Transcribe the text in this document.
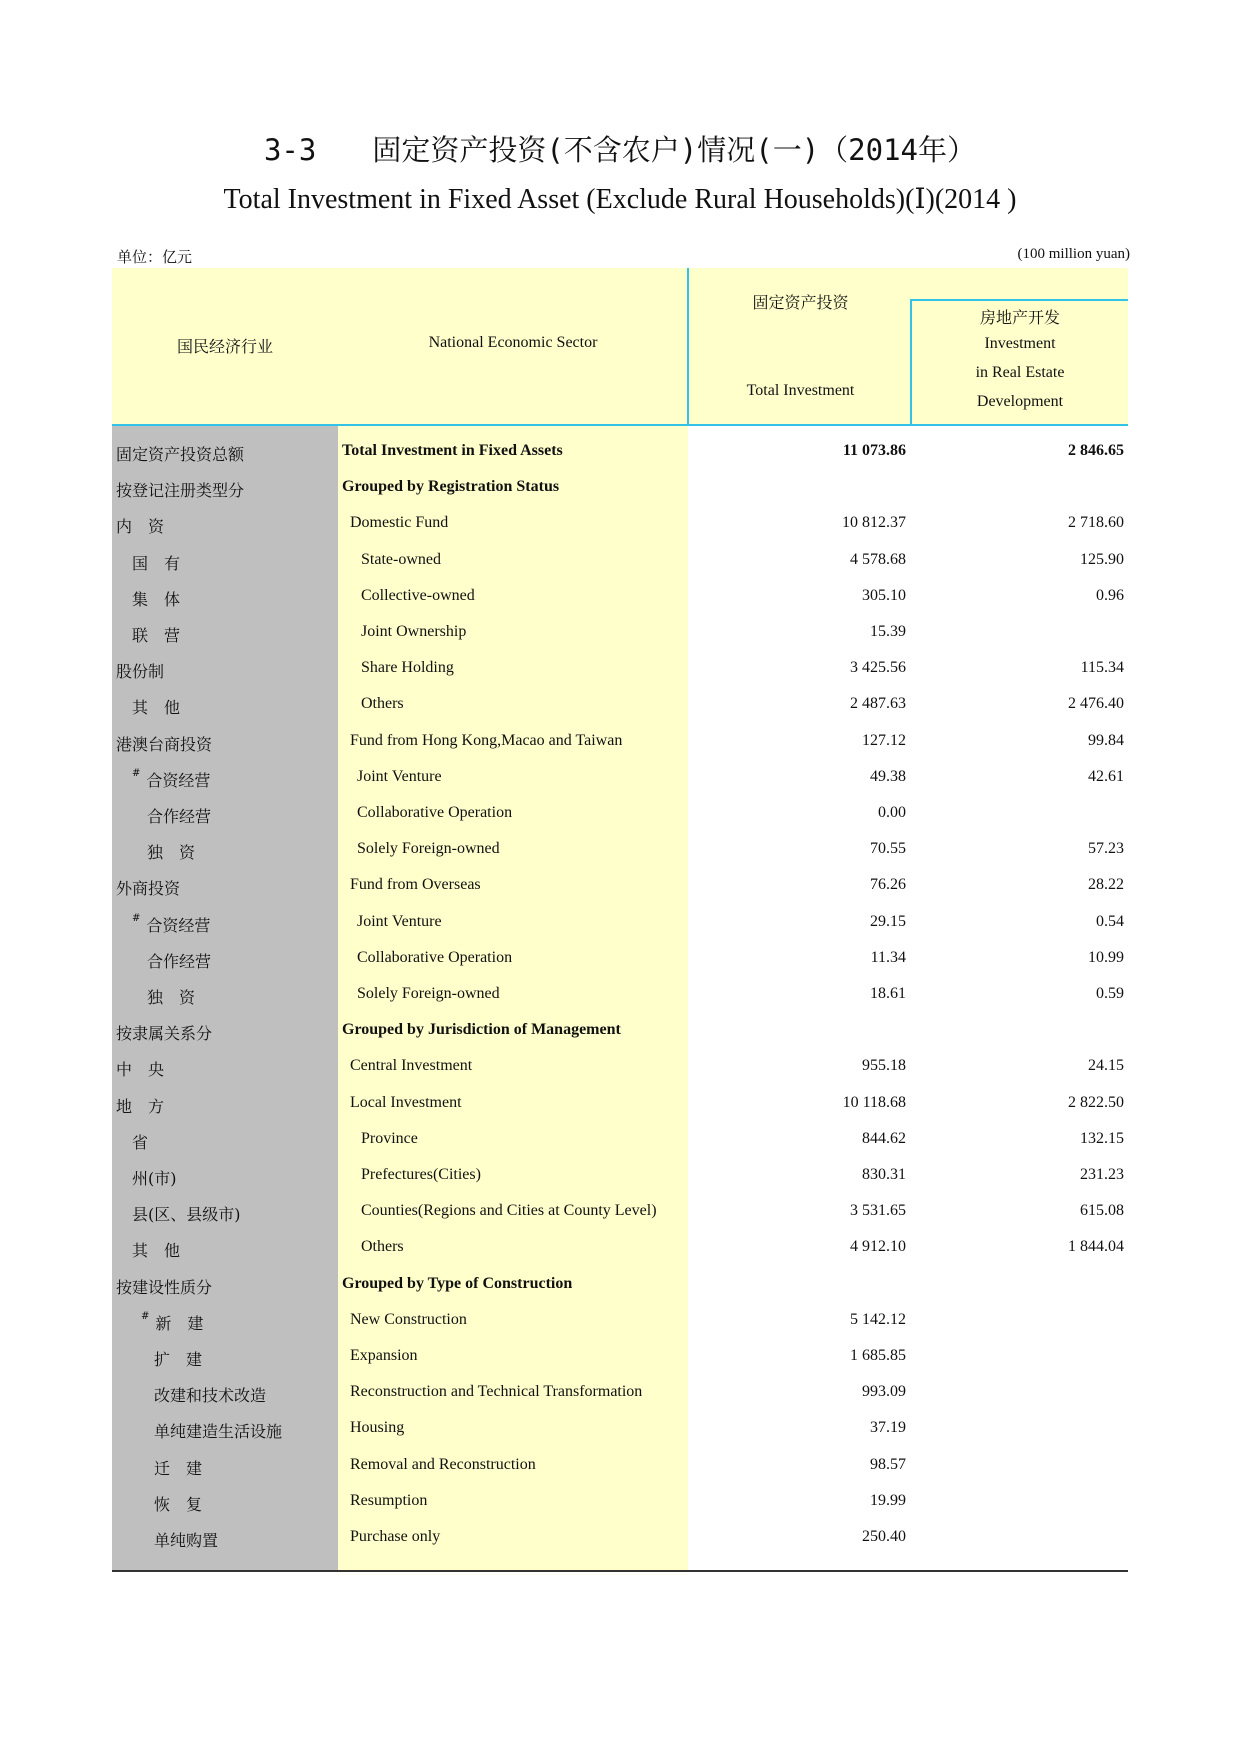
3-3 固定资产投资(不含农户)情况(一)（2014年）
Total Investment in Fixed Asset (Exclude Rural Households)(Ⅰ)(2014 )
单位：亿元	(100 million yuan)
国民经济行业	National Economic Sector
固定资产投资
Total Investment
房地产开发
Investment
in Real Estate
Development
固定资产投资总额	Total Investment in Fixed Assets	11 073.86	2 846.65
按登记注册类型分	Grouped by Registration Status
内　资	Domestic Fund	10 812.37	2 718.60
国　有	State-owned	4 578.68	125.90
集　体	Collective-owned	305.10	0.96
联　营	Joint Ownership	15.39
股份制	Share Holding	3 425.56	115.34
其　他	Others	2 487.63	2 476.40
港澳台商投资	Fund from Hong Kong,Macao and Taiwan	127.12	99.84
# 合资经营	Joint Venture	49.38	42.61
合作经营	Collaborative Operation	0.00
独　资	Solely Foreign-owned	70.55	57.23
外商投资	Fund from Overseas	76.26	28.22
# 合资经营	Joint Venture	29.15	0.54
合作经营	Collaborative Operation	11.34	10.99
独　资	Solely Foreign-owned	18.61	0.59
按隶属关系分	Grouped by Jurisdiction of Management
中　央	Central Investment	955.18	24.15
地　方	Local Investment	10 118.68	2 822.50
省	Province	844.62	132.15
州(市)	Prefectures(Cities)	830.31	231.23
县(区、县级市)	Counties(Regions and Cities at County Level)	3 531.65	615.08
其　他	Others	4 912.10	1 844.04
按建设性质分	Grouped by Type of Construction
# 新　建	New Construction	5 142.12
扩　建	Expansion	1 685.85
改建和技术改造	Reconstruction and Technical Transformation	993.09
单纯建造生活设施	Housing	37.19
迁　建	Removal and Reconstruction	98.57
恢　复	Resumption	19.99
单纯购置	Purchase only	250.40
